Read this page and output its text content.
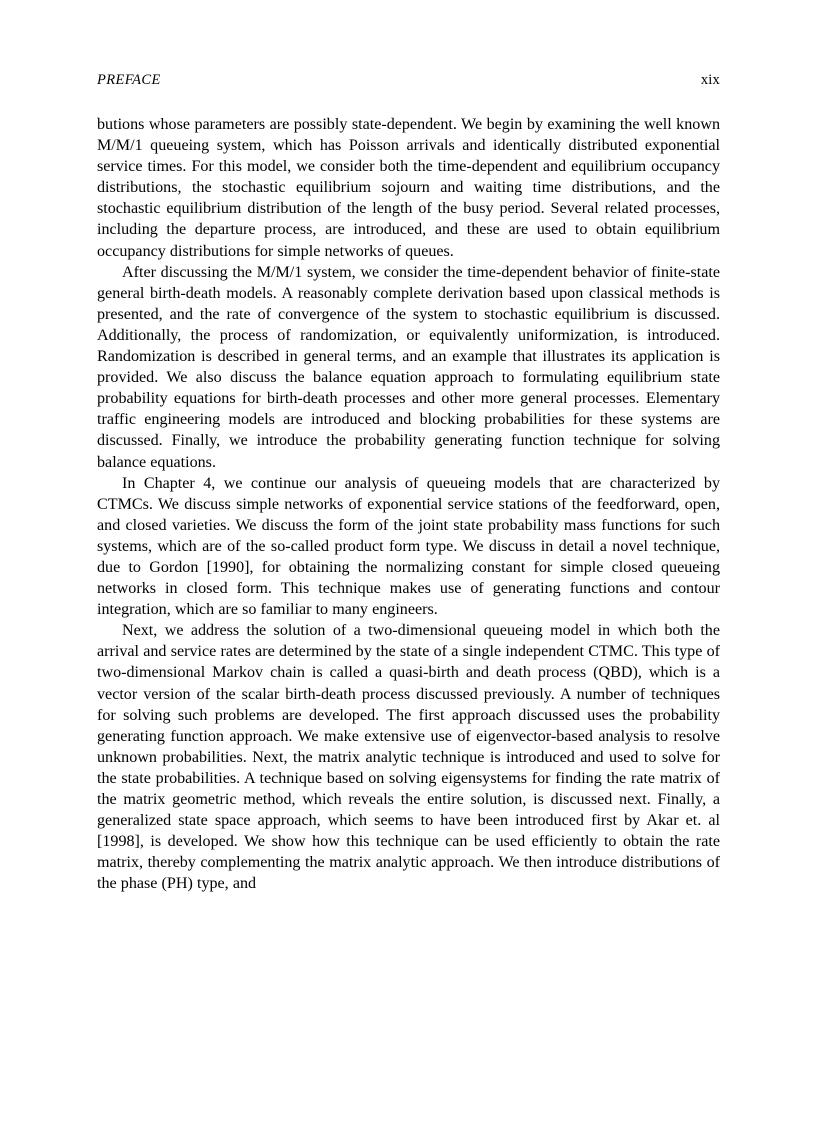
PREFACE	xix

butions whose parameters are possibly state-dependent. We begin by examining the well known M/M/1 queueing system, which has Poisson arrivals and identically distributed exponential service times. For this model, we consider both the time-dependent and equilibrium occupancy distributions, the stochastic equilibrium sojourn and waiting time distributions, and the stochastic equilibrium distribution of the length of the busy period. Several related processes, including the departure process, are introduced, and these are used to obtain equilibrium occupancy distributions for simple networks of queues.

After discussing the M/M/1 system, we consider the time-dependent behavior of finite-state general birth-death models. A reasonably complete derivation based upon classical methods is presented, and the rate of convergence of the system to stochastic equilibrium is discussed. Additionally, the process of randomization, or equivalently uniformization, is introduced. Randomization is described in general terms, and an example that illustrates its application is provided. We also discuss the balance equation approach to formulating equilibrium state probability equations for birth-death processes and other more general processes. Elementary traffic engineering models are introduced and blocking probabilities for these systems are discussed. Finally, we introduce the probability generating function technique for solving balance equations.

In Chapter 4, we continue our analysis of queueing models that are characterized by CTMCs. We discuss simple networks of exponential service stations of the feedforward, open, and closed varieties. We discuss the form of the joint state probability mass functions for such systems, which are of the so-called product form type. We discuss in detail a novel technique, due to Gordon [1990], for obtaining the normalizing constant for simple closed queueing networks in closed form. This technique makes use of generating functions and contour integration, which are so familiar to many engineers.

Next, we address the solution of a two-dimensional queueing model in which both the arrival and service rates are determined by the state of a single independent CTMC. This type of two-dimensional Markov chain is called a quasi-birth and death process (QBD), which is a vector version of the scalar birth-death process discussed previously. A number of techniques for solving such problems are developed. The first approach discussed uses the probability generating function approach. We make extensive use of eigenvector-based analysis to resolve unknown probabilities. Next, the matrix analytic technique is introduced and used to solve for the state probabilities. A technique based on solving eigensystems for finding the rate matrix of the matrix geometric method, which reveals the entire solution, is discussed next. Finally, a generalized state space approach, which seems to have been introduced first by Akar et. al [1998], is developed. We show how this technique can be used efficiently to obtain the rate matrix, thereby complementing the matrix analytic approach. We then introduce distributions of the phase (PH) type, and
